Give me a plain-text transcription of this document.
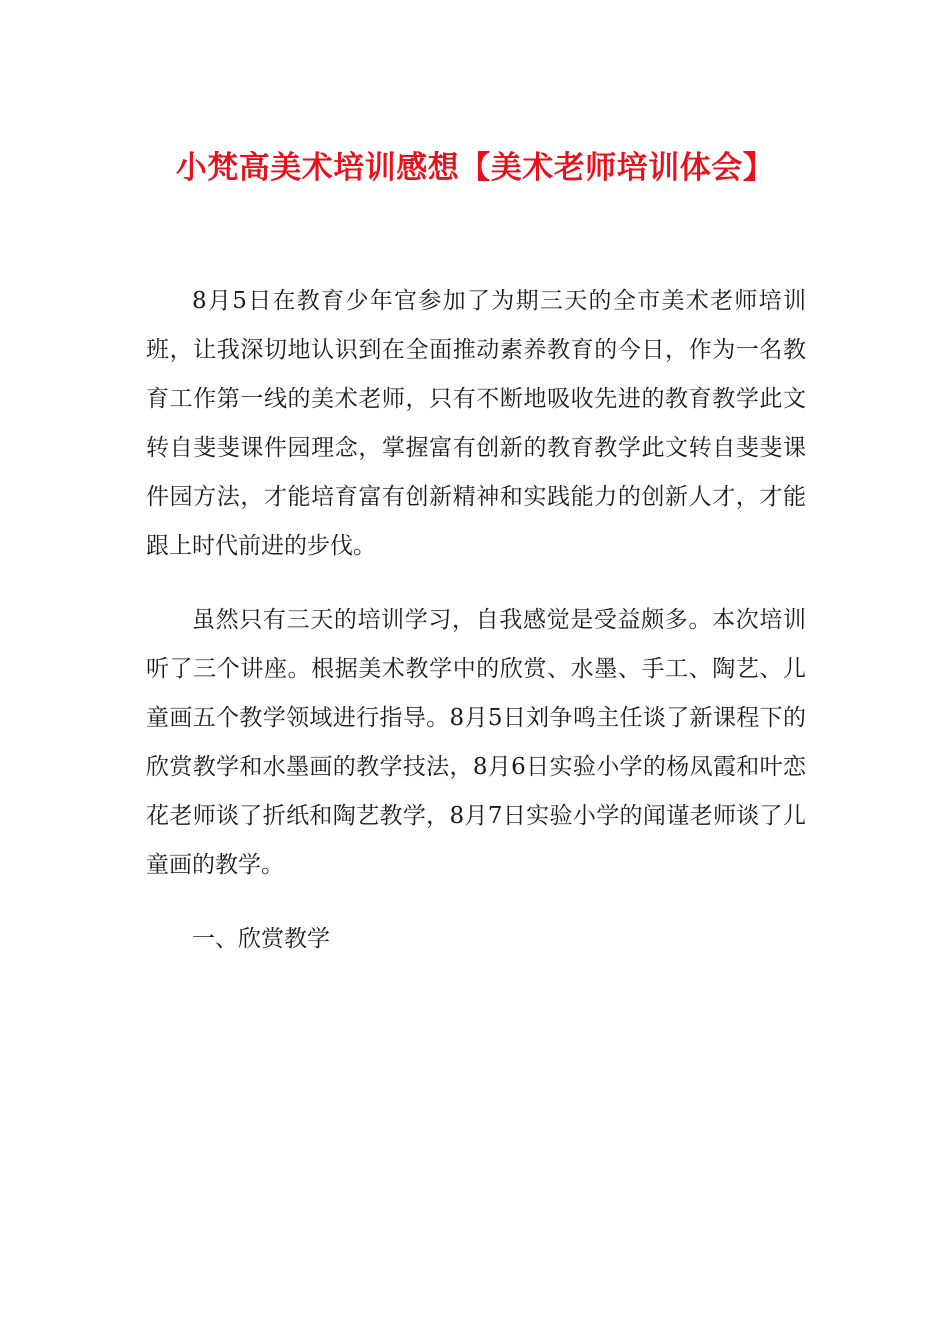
小梵高美术培训感想【美术老师培训体会】

8月5日在教育少年官参加了为期三天的全市美术老师培训班，让我深切地认识到在全面推动素养教育的今日，作为一名教育工作第一线的美术老师，只有不断地吸收先进的教育教学此文转自斐斐课件园理念，掌握富有创新的教育教学此文转自斐斐课件园方法，才能培育富有创新精神和实践能力的创新人才，才能跟上时代前进的步伐。

虽然只有三天的培训学习，自我感觉是受益颇多。本次培训听了三个讲座。根据美术教学中的欣赏、水墨、手工、陶艺、儿童画五个教学领域进行指导。8月5日刘争鸣主任谈了新课程下的欣赏教学和水墨画的教学技法，8月6日实验小学的杨凤霞和叶恋花老师谈了折纸和陶艺教学，8月7日实验小学的闻谨老师谈了儿童画的教学。

一、欣赏教学
